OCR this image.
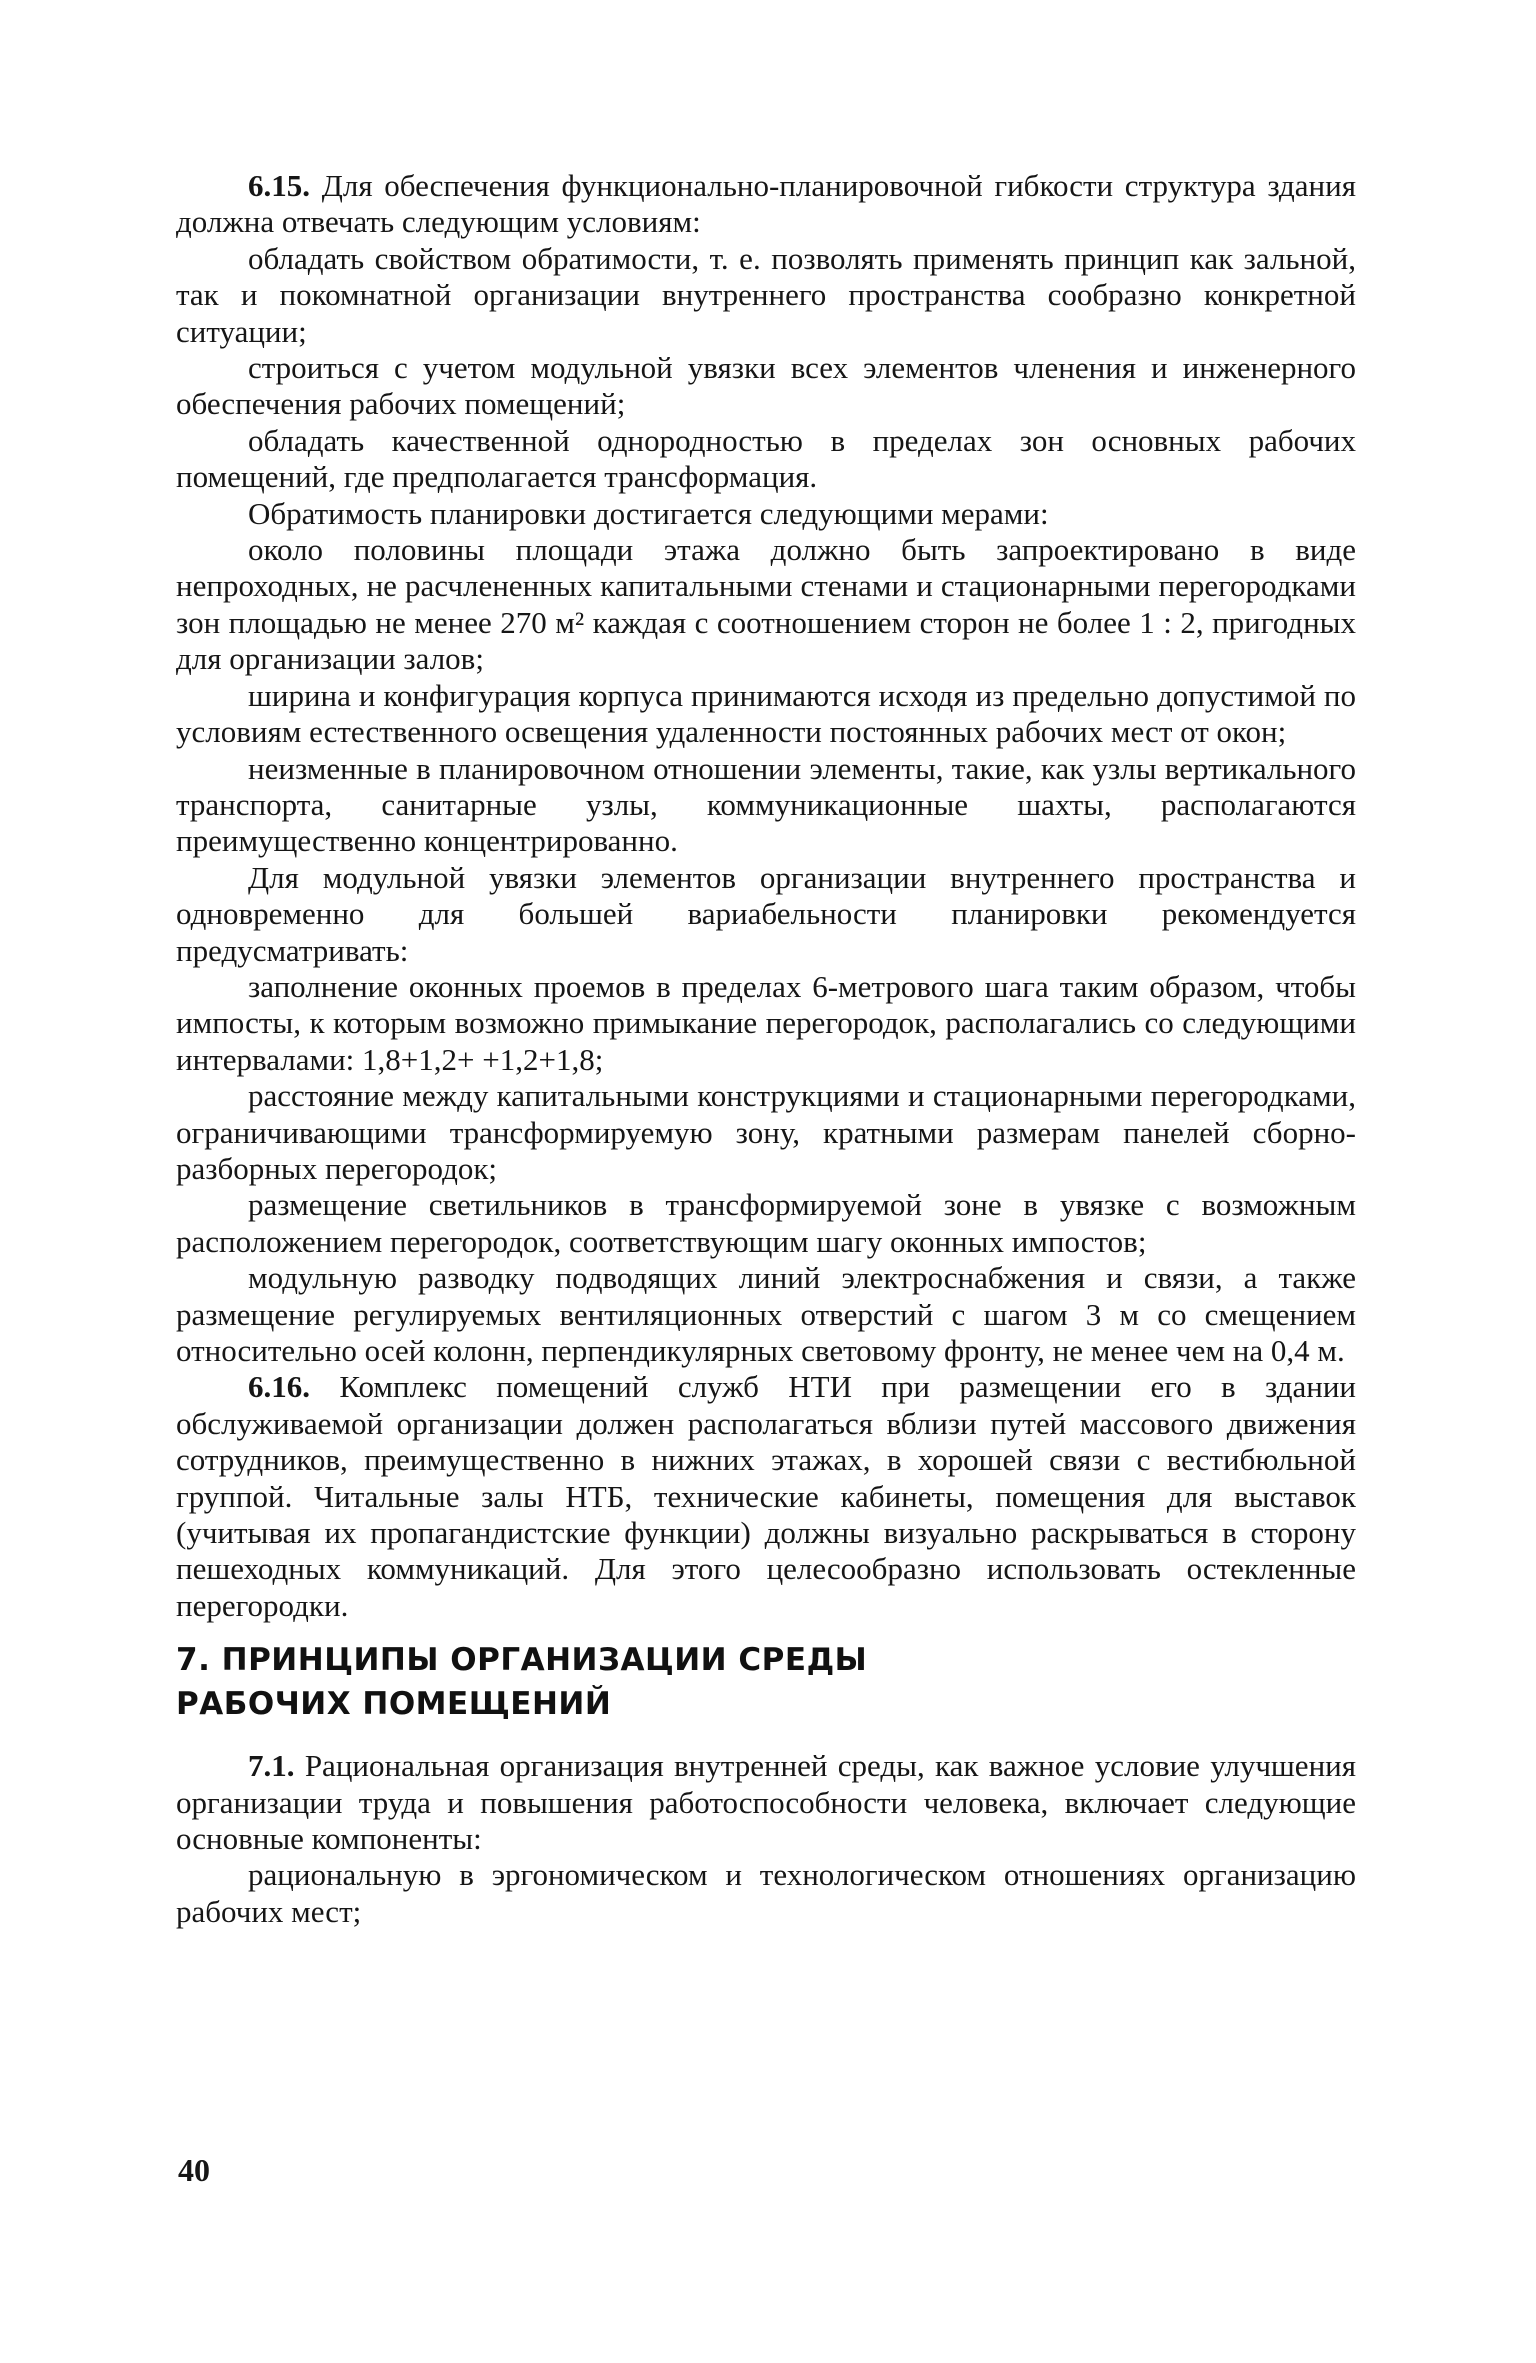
6.15. Для обеспечения функционально-планировочной гибкости структура здания должна отвечать следующим условиям:

обладать свойством обратимости, т. е. позволять применять принцип как зальной, так и покомнатной организации внутреннего пространства сообразно конкретной ситуации;

строиться с учетом модульной увязки всех элементов членения и инженерного обеспечения рабочих помещений;

обладать качественной однородностью в пределах зон основных рабочих помещений, где предполагается трансформация.

Обратимость планировки достигается следующими мерами:

около половины площади этажа должно быть запроектировано в виде непроходных, не расчлененных капитальными стенами и стационарными перегородками зон площадью не менее 270 м² каждая с соотношением сторон не более 1 : 2, пригодных для организации залов;

ширина и конфигурация корпуса принимаются исходя из предельно допустимой по условиям естественного освещения удаленности постоянных рабочих мест от окон;

неизменные в планировочном отношении элементы, такие, как узлы вертикального транспорта, санитарные узлы, коммуникационные шахты, располагаются преимущественно концентрированно.

Для модульной увязки элементов организации внутреннего пространства и одновременно для большей вариабельности планировки рекомендуется предусматривать:

заполнение оконных проемов в пределах 6-метрового шага таким образом, чтобы импосты, к которым возможно примыкание перегородок, располагались со следующими интервалами: 1,8+1,2+ +1,2+1,8;

расстояние между капитальными конструкциями и стационарными перегородками, ограничивающими трансформируемую зону, кратными размерам панелей сборно-разборных перегородок;

размещение светильников в трансформируемой зоне в увязке с возможным расположением перегородок, соответствующим шагу оконных импостов;

модульную разводку подводящих линий электроснабжения и связи, а также размещение регулируемых вентиляционных отверстий с шагом 3 м со смещением относительно осей колонн, перпендикулярных световому фронту, не менее чем на 0,4 м.

6.16. Комплекс помещений служб НТИ при размещении его в здании обслуживаемой организации должен располагаться вблизи путей массового движения сотрудников, преимущественно в нижних этажах, в хорошей связи с вестибюльной группой. Читальные залы НТБ, технические кабинеты, помещения для выставок (учитывая их пропагандистские функции) должны визуально раскрываться в сторону пешеходных коммуникаций. Для этого целесообразно использовать остекленные перегородки.

7. ПРИНЦИПЫ ОРГАНИЗАЦИИ СРЕДЫ
РАБОЧИХ ПОМЕЩЕНИЙ

7.1. Рациональная организация внутренней среды, как важное условие улучшения организации труда и повышения работоспособности человека, включает следующие основные компоненты:

рациональную в эргономическом и технологическом отношениях организацию рабочих мест;

40
